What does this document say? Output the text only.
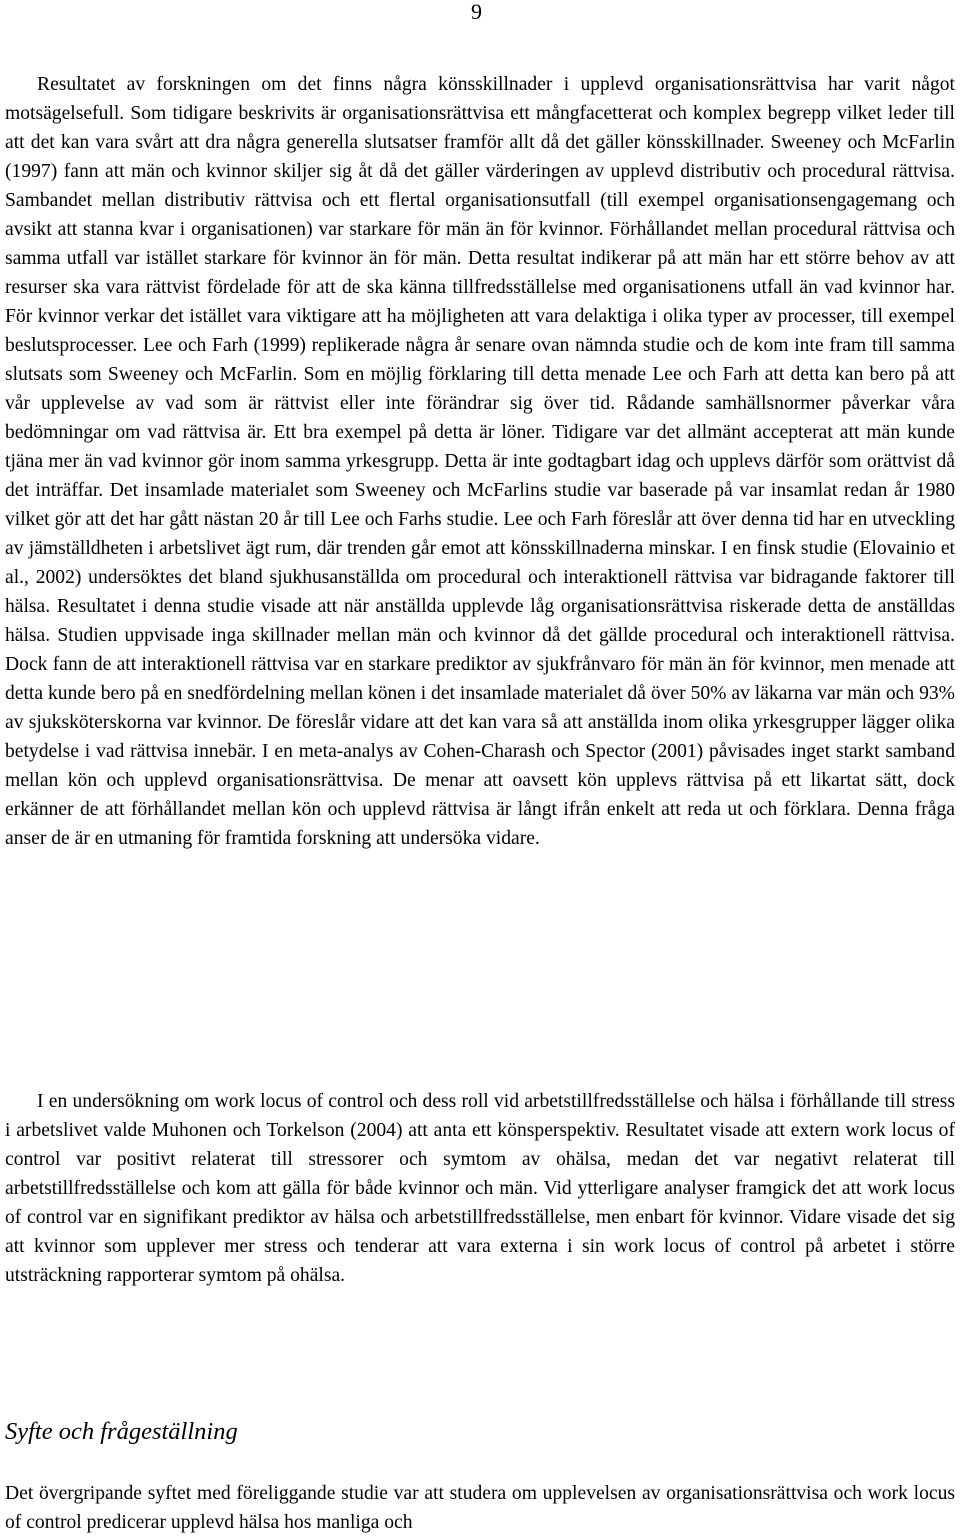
9

Resultatet av forskningen om det finns några könsskillnader i upplevd organisationsrättvisa har varit något motsägelsefull. Som tidigare beskrivits är organisationsrättvisa ett mångfacetterat och komplex begrepp vilket leder till att det kan vara svårt att dra några generella slutsatser framför allt då det gäller könsskillnader. Sweeney och McFarlin (1997) fann att män och kvinnor skiljer sig åt då det gäller värderingen av upplevd distributiv och procedural rättvisa. Sambandet mellan distributiv rättvisa och ett flertal organisationsutfall (till exempel organisationsengagemang och avsikt att stanna kvar i organisationen) var starkare för män än för kvinnor. Förhållandet mellan procedural rättvisa och samma utfall var istället starkare för kvinnor än för män. Detta resultat indikerar på att män har ett större behov av att resurser ska vara rättvist fördelade för att de ska känna tillfredsställelse med organisationens utfall än vad kvinnor har. För kvinnor verkar det istället vara viktigare att ha möjligheten att vara delaktiga i olika typer av processer, till exempel beslutsprocesser. Lee och Farh (1999) replikerade några år senare ovan nämnda studie och de kom inte fram till samma slutsats som Sweeney och McFarlin. Som en möjlig förklaring till detta menade Lee och Farh att detta kan bero på att vår upplevelse av vad som är rättvist eller inte förändrar sig över tid. Rådande samhällsnormer påverkar våra bedömningar om vad rättvisa är. Ett bra exempel på detta är löner. Tidigare var det allmänt accepterat att män kunde tjäna mer än vad kvinnor gör inom samma yrkesgrupp. Detta är inte godtagbart idag och upplevs därför som orättvist då det inträffar. Det insamlade materialet som Sweeney och McFarlins studie var baserade på var insamlat redan år 1980 vilket gör att det har gått nästan 20 år till Lee och Farhs studie. Lee och Farh föreslår att över denna tid har en utveckling av jämställdheten i arbetslivet ägt rum, där trenden går emot att könsskillnaderna minskar. I en finsk studie (Elovainio et al., 2002) undersöktes det bland sjukhusanställda om procedural och interaktionell rättvisa var bidragande faktorer till hälsa. Resultatet i denna studie visade att när anställda upplevde låg organisationsrättvisa riskerade detta de anställdas hälsa. Studien uppvisade inga skillnader mellan män och kvinnor då det gällde procedural och interaktionell rättvisa. Dock fann de att interaktionell rättvisa var en starkare prediktor av sjukfrånvaro för män än för kvinnor, men menade att detta kunde bero på en snedfördelning mellan könen i det insamlade materialet då över 50% av läkarna var män och 93% av sjuksköterskorna var kvinnor. De föreslår vidare att det kan vara så att anställda inom olika yrkesgrupper lägger olika betydelse i vad rättvisa innebär. I en meta-analys av Cohen-Charash och Spector (2001) påvisades inget starkt samband mellan kön och upplevd organisationsrättvisa. De menar att oavsett kön upplevs rättvisa på ett likartat sätt, dock erkänner de att förhållandet mellan kön och upplevd rättvisa är långt ifrån enkelt att reda ut och förklara. Denna fråga anser de är en utmaning för framtida forskning att undersöka vidare.

I en undersökning om work locus of control och dess roll vid arbetstillfredsställelse och hälsa i förhållande till stress i arbetslivet valde Muhonen och Torkelson (2004) att anta ett könsperspektiv. Resultatet visade att extern work locus of control var positivt relaterat till stressorer och symtom av ohälsa, medan det var negativt relaterat till arbetstillfredsställelse och kom att gälla för både kvinnor och män. Vid ytterligare analyser framgick det att work locus of control var en signifikant prediktor av hälsa och arbetstillfredsställelse, men enbart för kvinnor. Vidare visade det sig att kvinnor som upplever mer stress och tenderar att vara externa i sin work locus of control på arbetet i större utsträckning rapporterar symtom på ohälsa.

Syfte och frågeställning

Det övergripande syftet med föreliggande studie var att studera om upplevelsen av organisationsrättvisa och work locus of control predicerar upplevd hälsa hos manliga och
